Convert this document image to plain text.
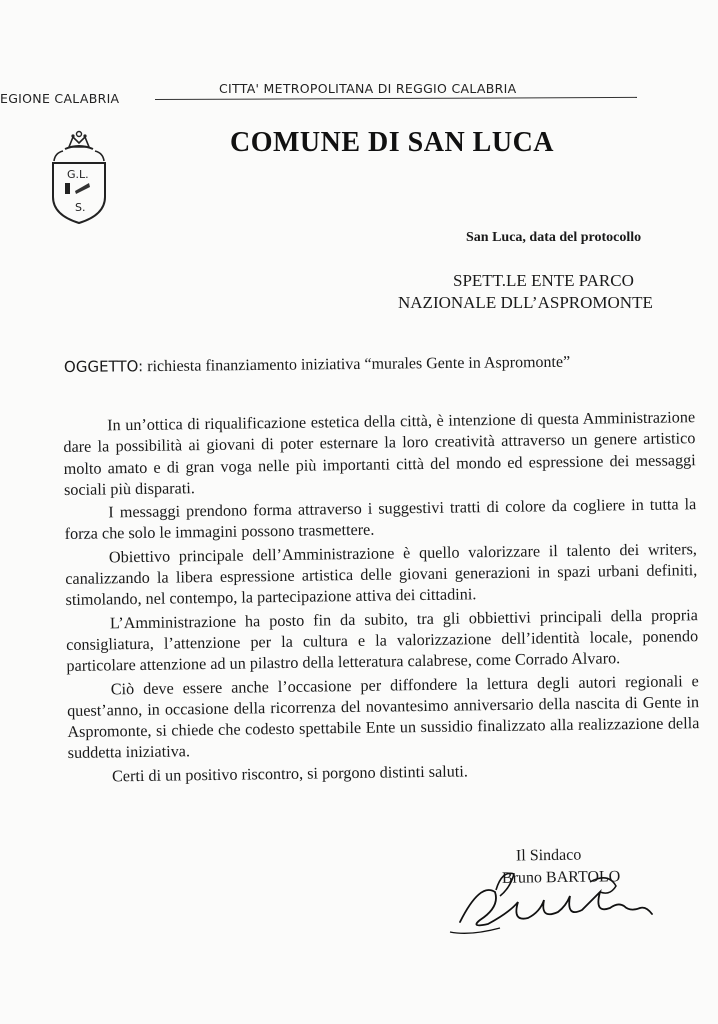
EGIONE CALABRIA
CITTA' METROPOLITANA DI REGGIO CALABRIA
G.L.
S.
COMUNE DI SAN LUCA
San Luca, data del protocollo
SPETT.LE ENTE PARCO
NAZIONALE DLL’ASPROMONTE
OGGETTO: richiesta finanziamento iniziativa “murales Gente in Aspromonte”

In un’ottica di riqualificazione estetica della città, è intenzione di questa Amministrazione dare la possibilità ai giovani di poter esternare la loro creatività attraverso un genere artistico molto amato e di gran voga nelle più importanti città del mondo ed espressione dei messaggi sociali più disparati.

I messaggi prendono forma attraverso i suggestivi tratti di colore da cogliere in tutta la forza che solo le immagini possono trasmettere.

Obiettivo principale dell’Amministrazione è quello valorizzare il talento dei writers, canalizzando la libera espressione artistica delle giovani generazioni in spazi urbani definiti, stimolando, nel contempo, la partecipazione attiva dei cittadini.

L’Amministrazione ha posto fin da subito, tra gli obbiettivi principali della propria consigliatura, l’attenzione per la cultura e la valorizzazione dell’identità locale, ponendo particolare attenzione ad un pilastro della letteratura calabrese, come Corrado Alvaro.

Ciò deve essere anche l’occasione per diffondere la lettura degli autori regionali e quest’anno, in occasione della ricorrenza del novantesimo anniversario della nascita di Gente in Aspromonte, si chiede che codesto spettabile Ente un sussidio finalizzato alla realizzazione della suddetta iniziativa.

Certi di un positivo riscontro, si porgono distinti saluti.

Il Sindaco
Bruno BARTOLO
